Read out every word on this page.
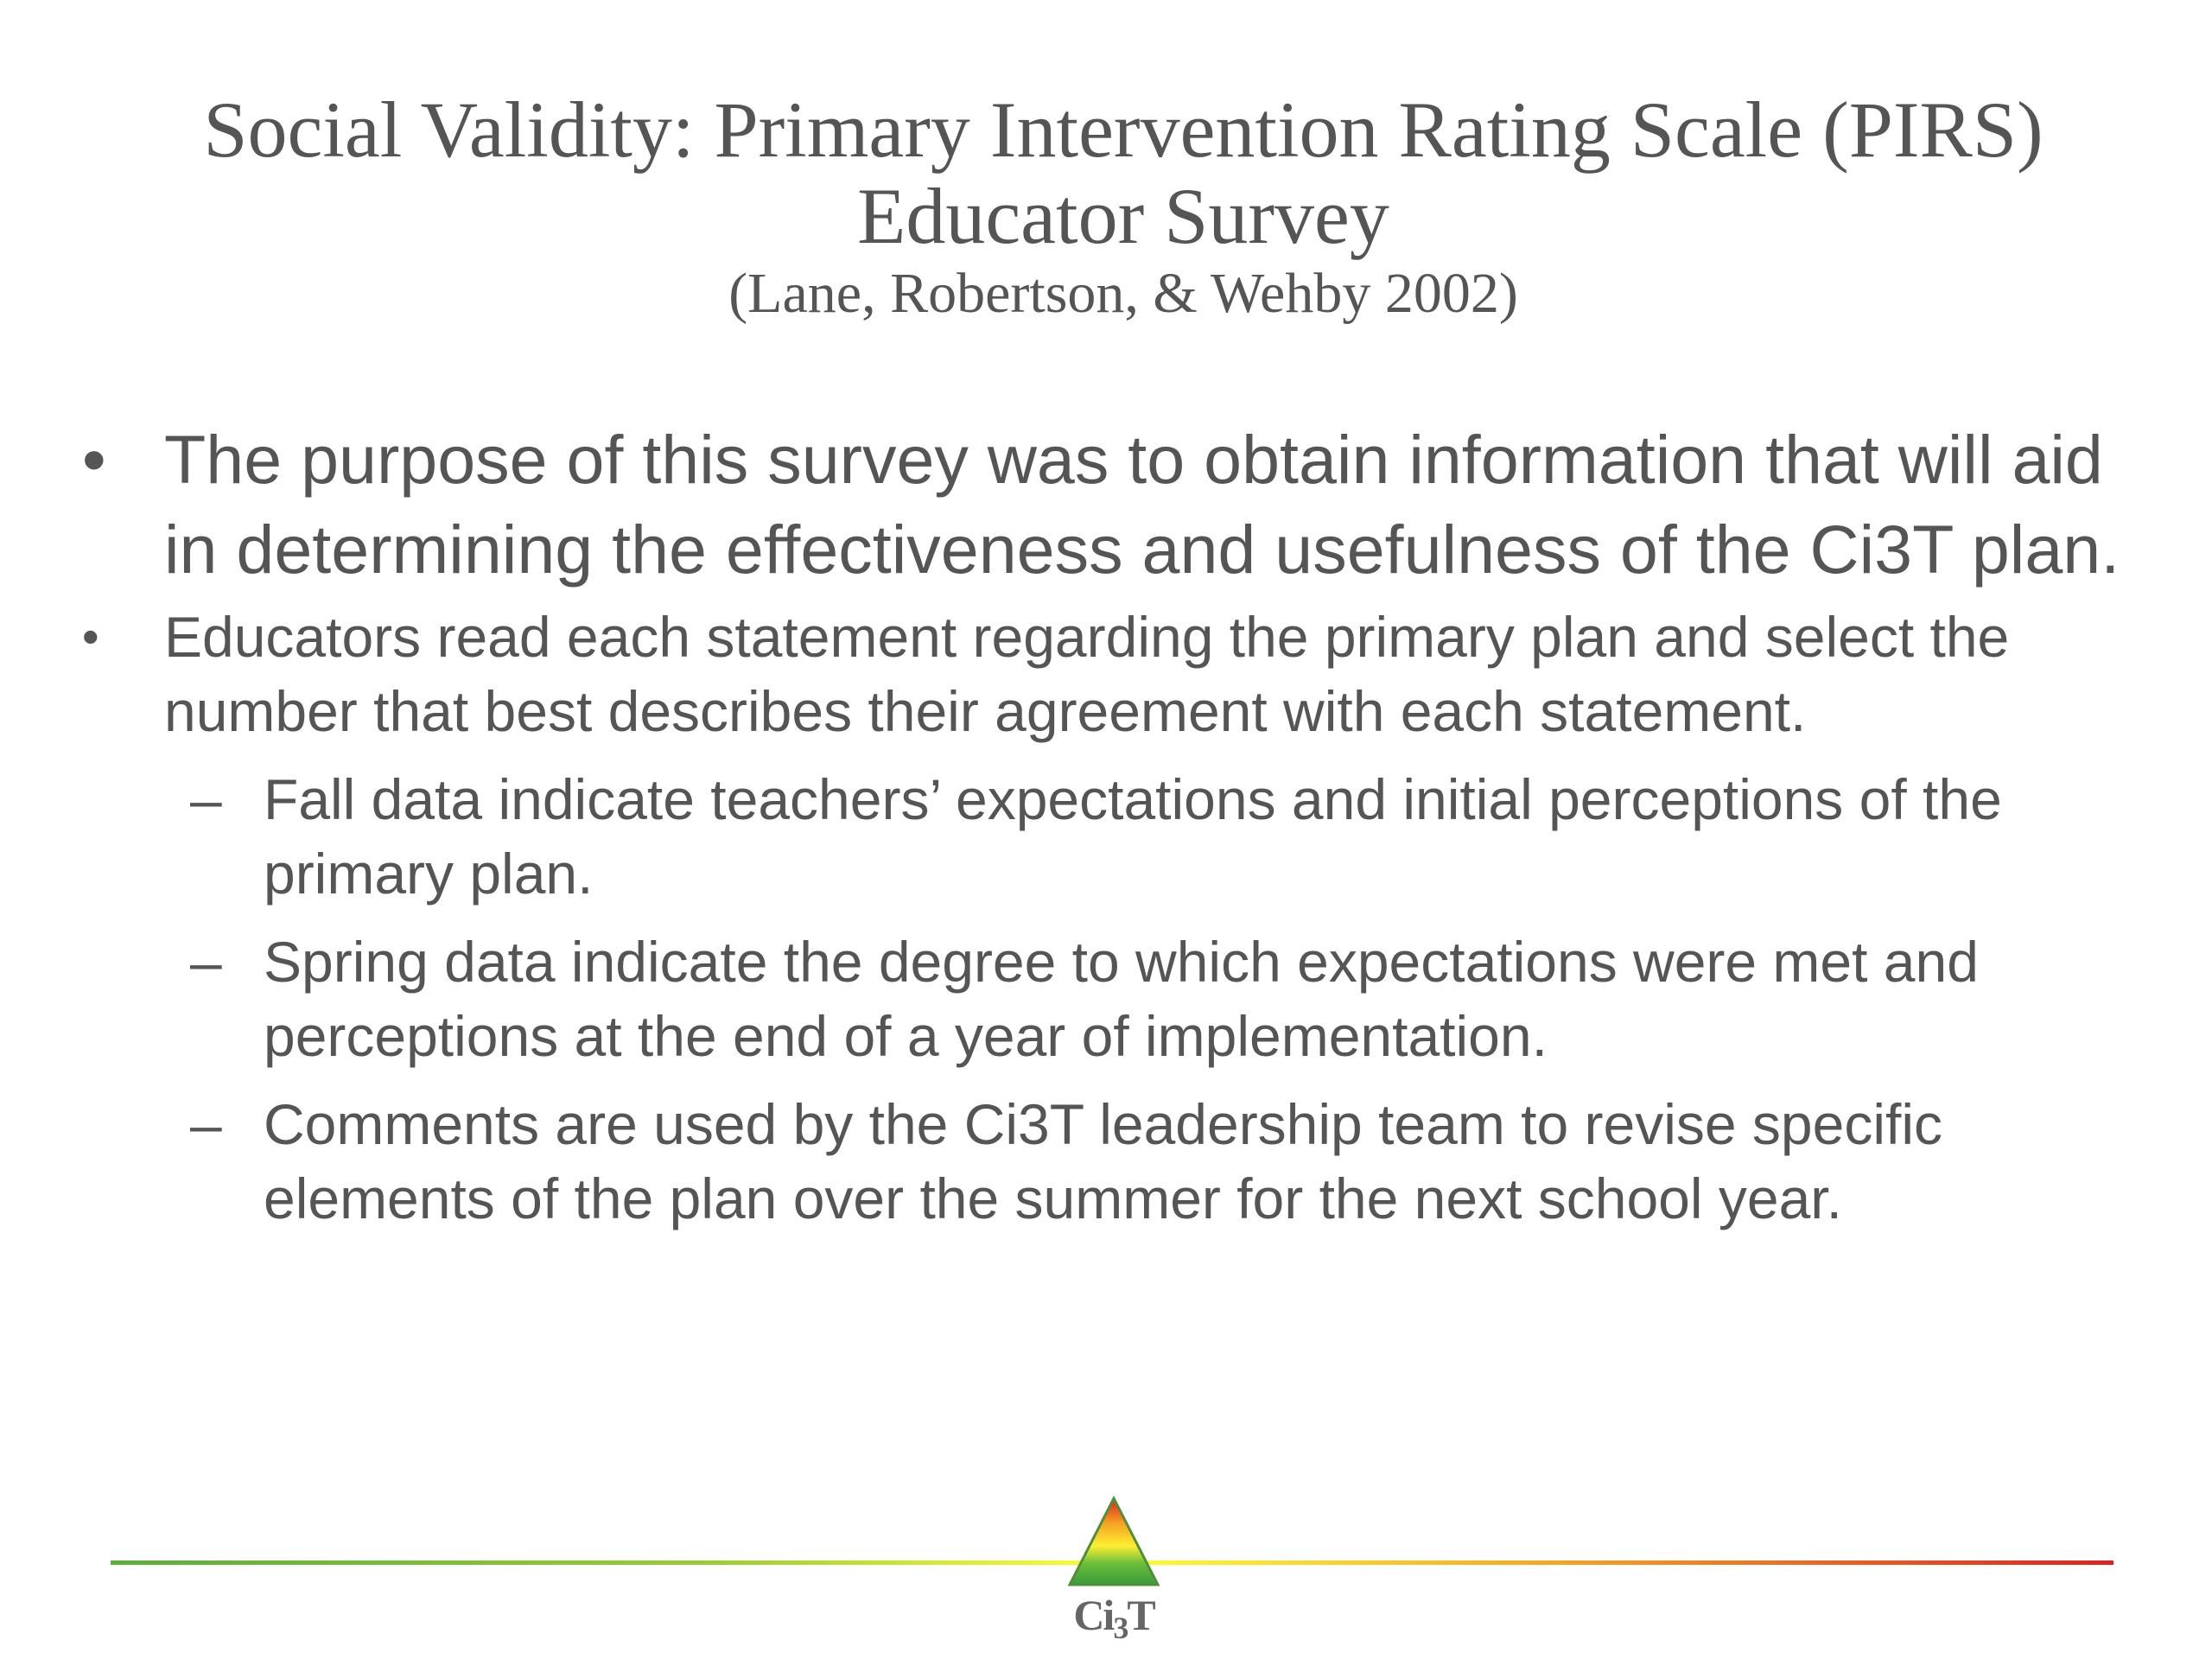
Social Validity: Primary Intervention Rating Scale (PIRS)
Educator Survey
(Lane, Robertson, & Wehby 2002)
• The purpose of this survey was to obtain information that will aid in determining the effectiveness and usefulness of the Ci3T plan.
• Educators read each statement regarding the primary plan and select the number that best describes their agreement with each statement.
– Fall data indicate teachers’ expectations and initial perceptions of the primary plan.
– Spring data indicate the degree to which expectations were met and perceptions at the end of a year of implementation.
– Comments are used by the Ci3T leadership team to revise specific elements of the plan over the summer for the next school year.
$Ci_3T$
